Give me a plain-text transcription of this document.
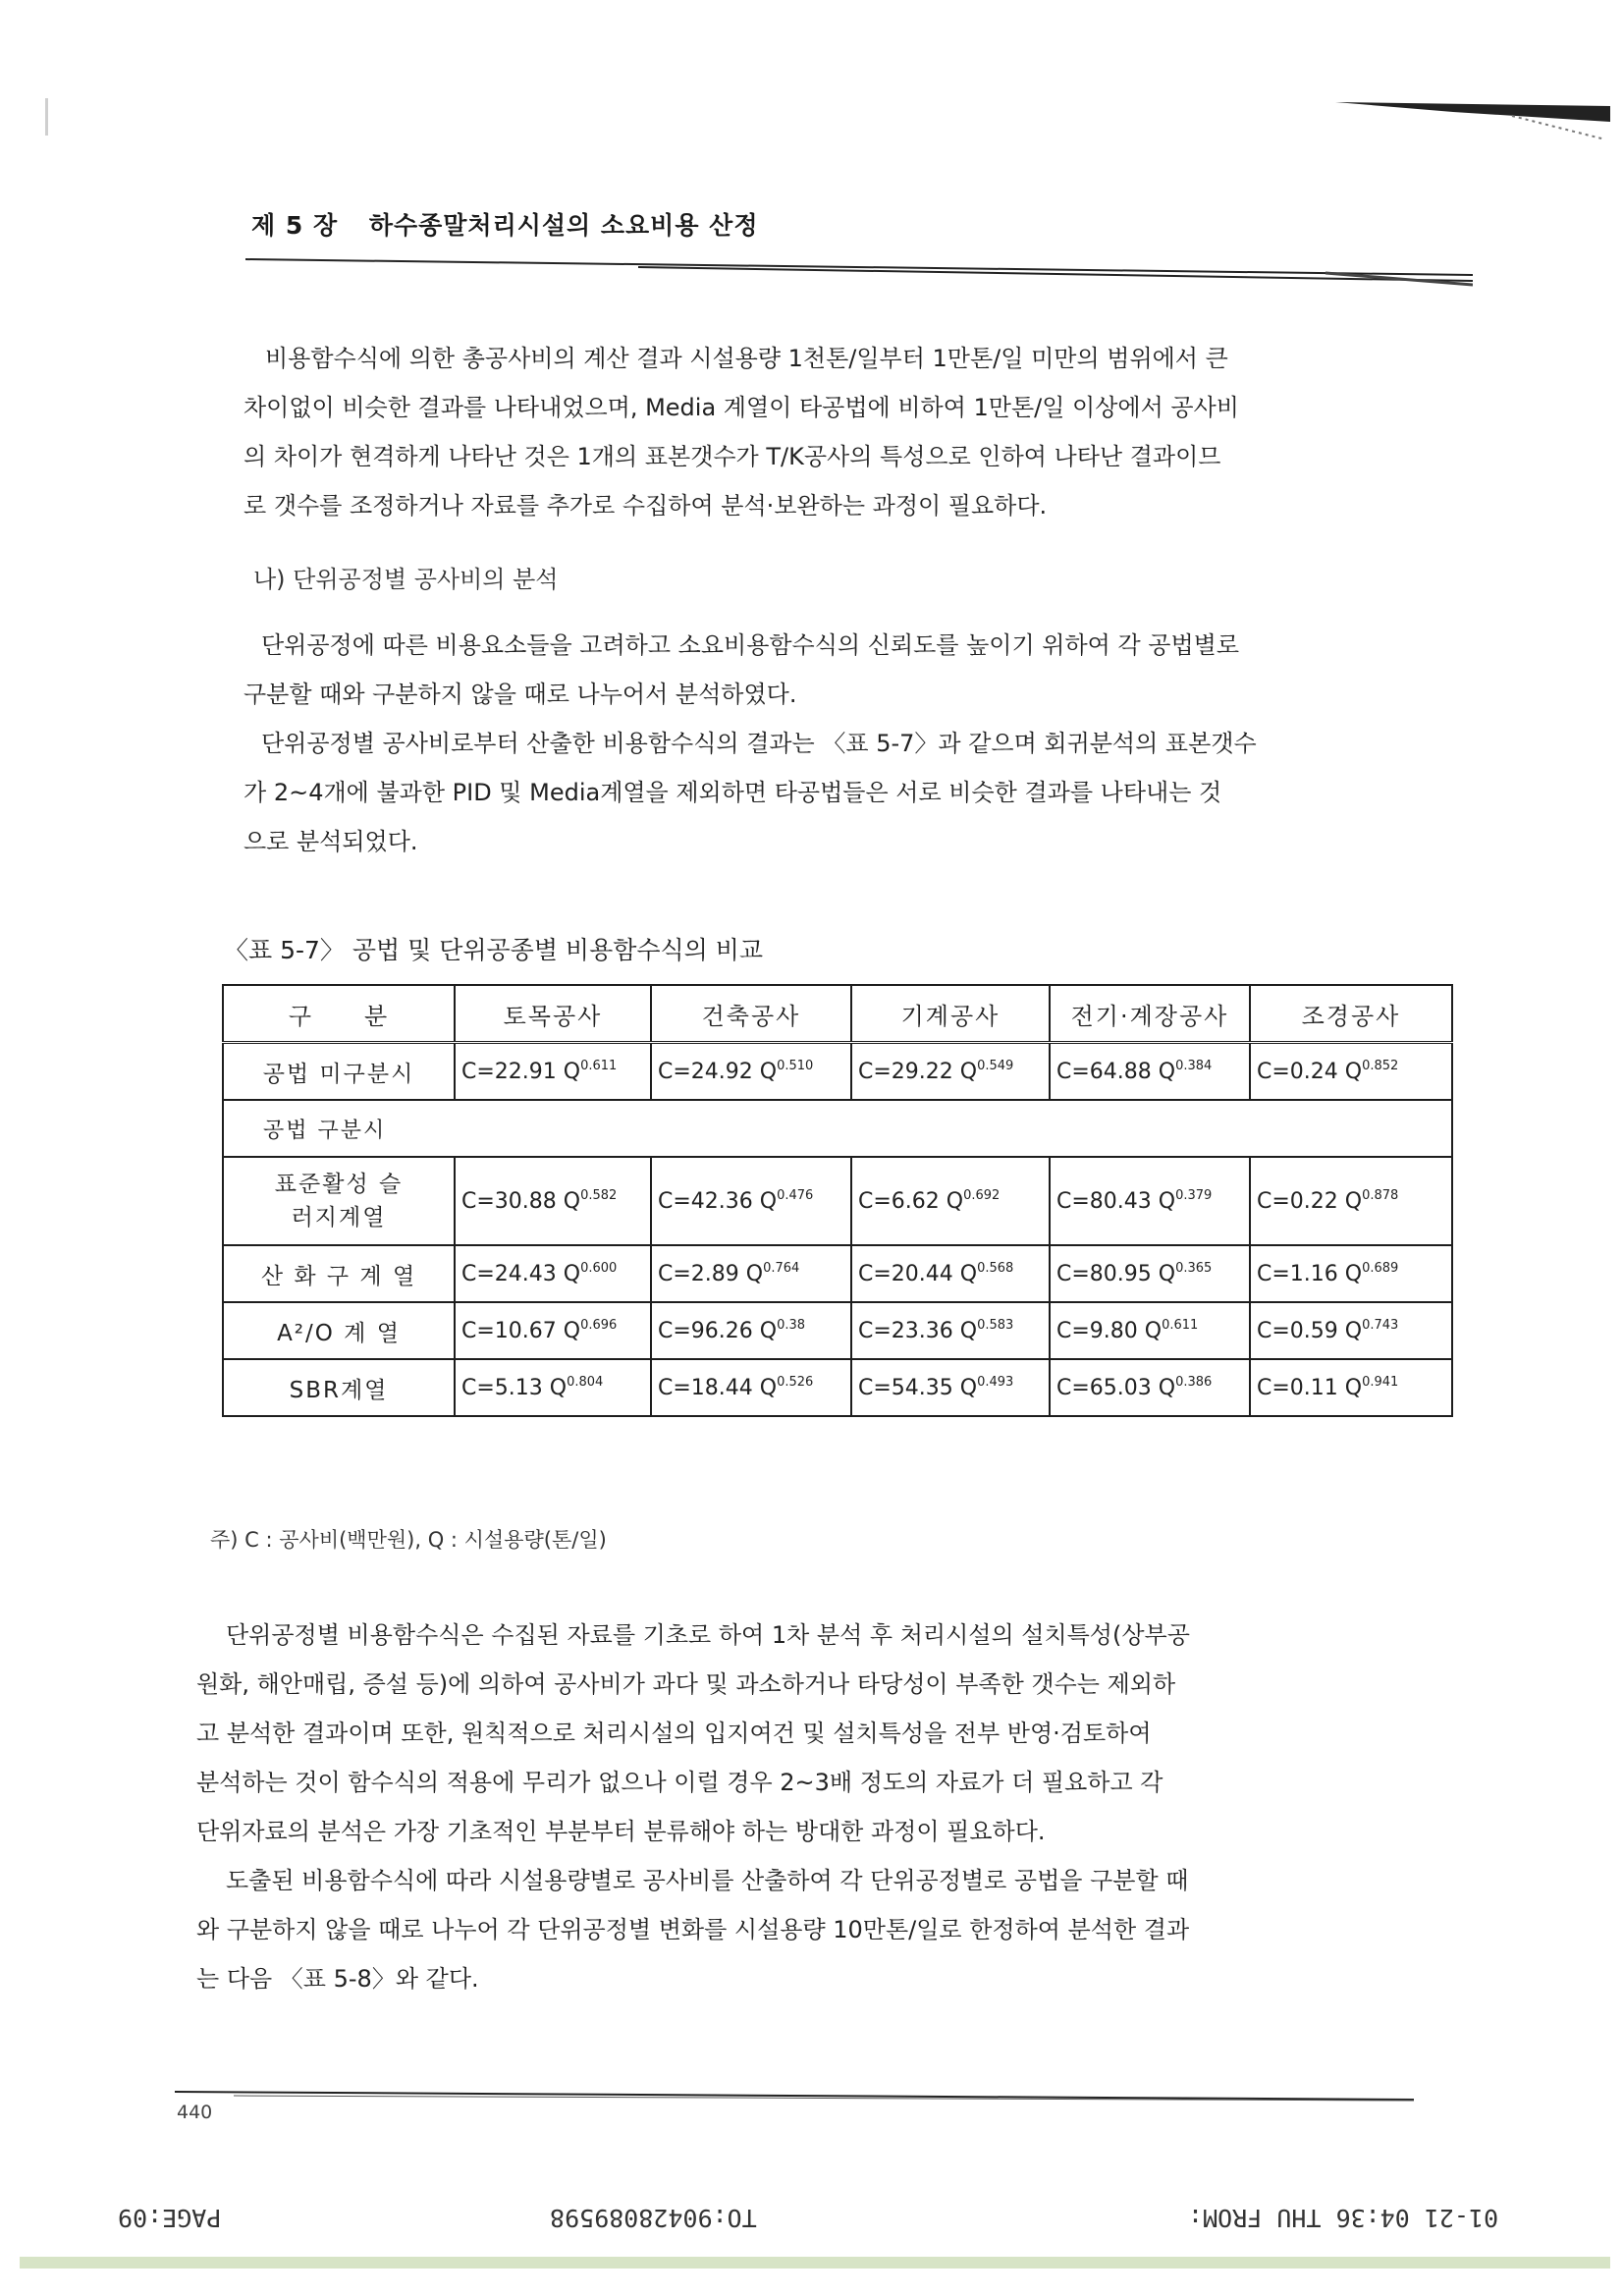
제 5 장 하수종말처리시설의 소요비용 산정

비용함수식에 의한 총공사비의 계산 결과 시설용량 1천톤/일부터 1만톤/일 미만의 범위에서 큰

차이없이 비슷한 결과를 나타내었으며, Media 계열이 타공법에 비하여 1만톤/일 이상에서 공사비

의 차이가 현격하게 나타난 것은 1개의 표본갯수가 T/K공사의 특성으로 인하여 나타난 결과이므

로 갯수를 조정하거나 자료를 추가로 수집하여 분석·보완하는 과정이 필요하다.

나) 단위공정별 공사비의 분석

단위공정에 따른 비용요소들을 고려하고 소요비용함수식의 신뢰도를 높이기 위하여 각 공법별로

구분할 때와 구분하지 않을 때로 나누어서 분석하였다.

단위공정별 공사비로부터 산출한 비용함수식의 결과는 〈표 5-7〉과 같으며 회귀분석의 표본갯수

가 2~4개에 불과한 PID 및 Media계열을 제외하면 타공법들은 서로 비슷한 결과를 나타내는 것

으로 분석되었다.

〈표 5-7〉 공법 및 단위공종별 비용함수식의 비교
구　　분	토목공사	건축공사	기계공사	전기·계장공사	조경공사
공법 미구분시	C=22.91 $Q^{0.611}$	C=24.92 $Q^{0.510}$	C=29.22 $Q^{0.549}$	C=64.88 $Q^{0.384}$	C=0.24 $Q^{0.852}$
공법 구분시					
표준활성 슬러지계열	C=30.88 $Q^{0.582}$	C=42.36 $Q^{0.476}$	C=6.62 $Q^{0.692}$	C=80.43 $Q^{0.379}$	C=0.22 $Q^{0.878}$
산 화 구 계 열	C=24.43 $Q^{0.600}$	C=2.89 $Q^{0.764}$	C=20.44 $Q^{0.568}$	C=80.95 $Q^{0.365}$	C=1.16 $Q^{0.689}$
A²/O 계 열	C=10.67 $Q^{0.696}$	C=96.26 $Q^{0.38}$	C=23.36 $Q^{0.583}$	C=9.80 $Q^{0.611}$	C=0.59 $Q^{0.743}$
SBR계열	C=5.13 $Q^{0.804}$	C=18.44 $Q^{0.526}$	C=54.35 $Q^{0.493}$	C=65.03 $Q^{0.386}$	C=0.11 $Q^{0.941}$
주) C : 공사비(백만원), Q : 시설용량(톤/일)

단위공정별 비용함수식은 수집된 자료를 기초로 하여 1차 분석 후 처리시설의 설치특성(상부공

원화, 해안매립, 증설 등)에 의하여 공사비가 과다 및 과소하거나 타당성이 부족한 갯수는 제외하

고 분석한 결과이며 또한, 원칙적으로 처리시설의 입지여건 및 설치특성을 전부 반영·검토하여

분석하는 것이 함수식의 적용에 무리가 없으나 이럴 경우 2~3배 정도의 자료가 더 필요하고 각

단위자료의 분석은 가장 기초적인 부분부터 분류해야 하는 방대한 과정이 필요하다.

도출된 비용함수식에 따라 시설용량별로 공사비를 산출하여 각 단위공정별로 공법을 구분할 때

와 구분하지 않을 때로 나누어 각 단위공정별 변화를 시설용량 10만톤/일로 한정하여 분석한 결과

는 다음 〈표 5-8〉와 같다.

440
PAGE:09	TO:90428089598	01-21 04:36 THU FROM:
